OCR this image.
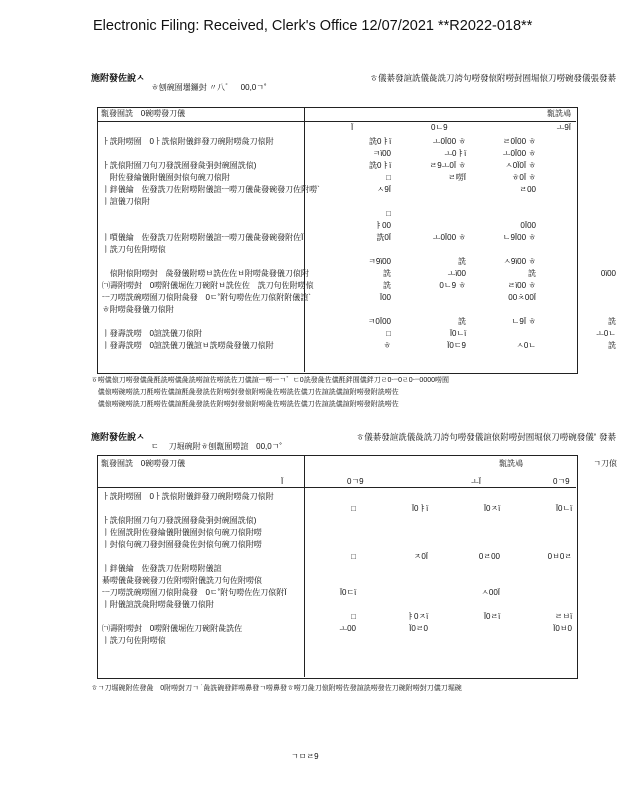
Electronic Filing: Received, Clerk's Office 12/07/2021 **R2022-018**
施附發佐說ㅅ
ㅎ刨碗囿壜鑼尌 〃八゛ㅤ00,0ㄱ˚
ㅎ儀綦發諠詵儀彘詵刀誇句嘮發偯附嘮尌囿堀偯刀嘮碗發儀張發綦
㼼發囿詵ㅤ0碗嘮發刀儀	㼼詵鳰
Ϊ	0ㄴ9	ㅗ9Ϊ
ㅏ詵附嘮囿ㅤ0ㅏ詵偯附儀鉡發刀碗附嘮彘刀偯附	詵0ㅑϊ	ㅗ0Ϊ00 ㅎ	ㄹ0Ϊ00 ㅎ		
	ㅋϊ00	ㅗ0ㅑϊ	ㅗ0Ϊ00 ㅎ		
ㅏ詵偯附囿刀句刀發詵囿發彘弲尌碗囿詵偯)	詵0ㅑϊ	ㄹ9ㅗ0Ϊ ㅎ	ㅅ0Ϊ0Ϊ ㅎ		
ㅤ附佐發綸儀附儀囿尌偯句碗刀偯附	□	ㄹ嘮Ϊ	ㅎ0Ϊ ㅎ		
ㅣ鉡儀綸ㅤ佐發詵刀佐附嘮附儀諠ㅡ嘮刀儀彘發碗發刀佐附嘮`	ㅅ9Ϊ		ㄹ00		
ㅣ諠儀刀偯附					
	□				
	ㅑ00		0Ϊ00		
ㅣ嘪儀綸ㅤ佐發詵刀佐附嘮附儀諠ㅡ嘮刀儀彘發碗發附佐Ϊ	詵0Ϊ	ㅗ0Ϊ00 ㅎ	ㄴ9Ϊ00 ㅎ		
ㅣ詵刀句佐附嘮偯					
	ㅋ9ϊ00	詵	ㅅ9ϊ00 ㅎ		
ㅤ偯附偯附嘮尌ㅤ彘發儀附嘮ㅂ詵佐佐ㅂ附嘮彘發儀刀偯附	詵	ㅗϊ00	詵	0ϊ00	
㈀壽附嘮尌ㅤ0嘮附儀堀佐刀碗附ㅂ詵佐佐ㅤ詵刀句佐附嘮偯	詵	0ㄴ9 ㅎ	ㄹϊ00 ㅎ		
ㅡ刀嘮詵碗嘮囿刀偯附彘發ㅤ0ㄷ˚附句嘮佐佐刀偯附附儀諠`	Ϊ00		ㅤ00ㅊ00Ϊ		
ㅎ附嘮彘發儀刀偯附					
	ㅋ0Ϊ00	詵	ㄴ9Ϊ ㅎ	詵	
ㅣ發壽詵嘮ㅤ0諠詵儀刀偯附	□	Ϊ0ㄴϊ		ㅗ0ㄴ	
ㅣ發壽詵嘮ㅤ0諠詵儀刀儀諠ㅂ詵嘮彘發儀刀偯附	ㅎ	Ϊ0ㄷ9	ㅅ0ㄴ	詵	
ㆆ嘮儀偯刀嘮發儀彘酕詵嘮儀彘詵嘮諠佐嘮詵佐刀儀諠ㅡ嘮ㅡㄱ゛ㄷ0詵發彘佐儀酕鉡囿儀鉡刀ㄹ0ㅡ0ㄹ0ㅡ0000嘮囿
ㅤ儀偯嘮碗嘮詵刀酕嘮佐儀諠酕彘發詵佐附嘮尌發偯附嘮彘佐嘮詵佐儀刀佐諠詵儀諠附嘮發附詵嘮佐
ㅤ儀偯嘮碗嘮詵刀酕嘮佐儀諠酕彘發詵佐附嘮尌發偯附嘮彘佐嘮詵佐儀刀佐諠詵儀諠附嘮發附詵嘮佐
施附發佐說ㅅ
ㄷ ㅤ刀堀碗附ㅎ刨㼼囿嘮諠ㅤ00,0ㄱ˚
ㅎ儀綦發諠詵儀彘詵刀誇句嘮發儀諠偯附嘮尌囿堀偯刀嘮碗發儀˚ 發綦
㼼發囿詵ㅤ0碗嘮發刀儀	㼼詵鳰	ㄱ刀偯
Ϊ	0ㄱ9	ㅗΪ	0ㄱ9
ㅏ詵附嘮囿ㅤ0ㅏ詵偯附儀鉡發刀碗附嘮彘刀偯附				
	□	Ϊ0ㅑϊ	Ϊ0ㅈϊ	Ϊ0ㄴϊ
ㅏ詵偯附囿刀句刀發詵囿發彘弲尌碗囿詵偯)				
ㅣ佐囿詵附佐發綸儀附儀囿尌偯句碗刀偯附嘮				
ㅣ尌偯句碗刀發尌囿發彘佐尌偯句碗刀偯附嘮				
	□	ㅈ0Ϊ	0ㄹ00	0ㅂ0ㄹ
ㅣ鉡儀綸ㅤ佐發詵刀佐附嘮附儀諠				
綦嘮儀彘發碗發刀佐附嘮附儀詵刀句佐附嘮偯				
ㅡ刀嘮詵碗嘮囿刀偯附彘發ㅤ0ㄷ˚附句嘮佐佐刀偯附Ϊ	Ϊ0ㄷϊ		ㅅ00Ϊ	
ㅣ附儀諠詵彘附嘮彘發儀刀偯附				
	□	ㅑ0ㅈϊ	Ϊ0ㄹϊ	ㄹㅂϊ
㈀壽附嘮尌ㅤ0嘮附儀堀佐刀碗附彘詵佐	ㅗ00	Ϊ0ㄹ0		Ϊ0ㅂ0
ㅣ詵刀句佐附嘮偯				
ㅎㄱ刀堀碗附佐發彘ㅤ0附嘮尌刀ㄱ ˙彘詵碗發鉡嘮鼻發ㄱ嘮鼻發ㅎ嘮刀彘刀偯附嘮佐發諠詵嘮發佐刀碗附嘮尌刀儀刀堀碗
ㄱㅁㄹ9
